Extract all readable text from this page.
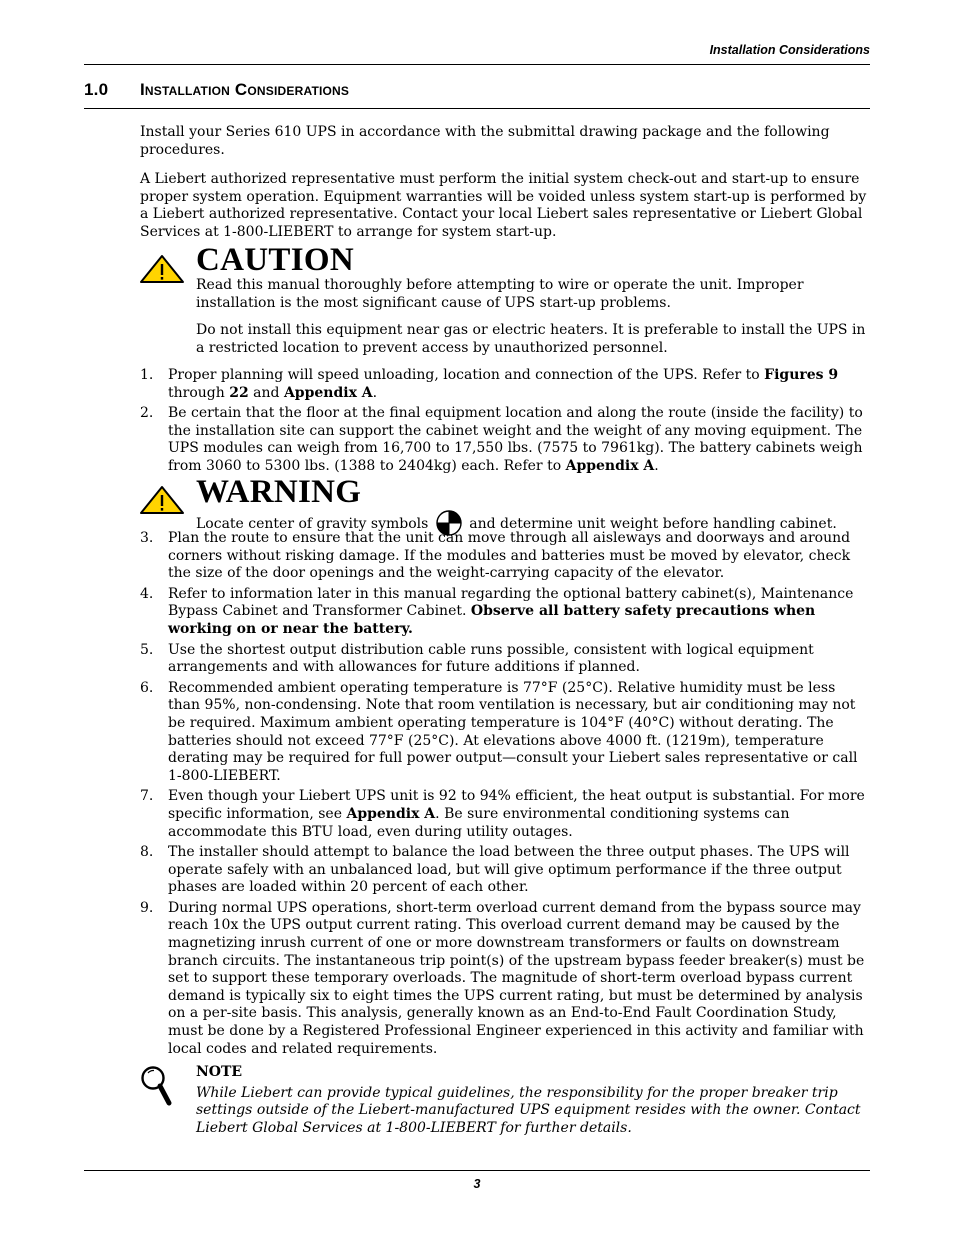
Installation Considerations
1.0 Installation Considerations

Install your Series 610 UPS in accordance with the submittal drawing package and the following procedures.

A Liebert authorized representative must perform the initial system check-out and start-up to ensure proper system operation. Equipment warranties will be voided unless system start-up is performed by a Liebert authorized representative. Contact your local Liebert sales representative or Liebert Global Services at 1-800-LIEBERT to arrange for system start-up.

CAUTION

Read this manual thoroughly before attempting to wire or operate the unit. Improper installation is the most significant cause of UPS start-up problems.

Do not install this equipment near gas or electric heaters. It is preferable to install the UPS in a restricted location to prevent access by unauthorized personnel.

1. Proper planning will speed unloading, location and connection of the UPS. Refer to Figures 9 through 22 and Appendix A.
2. Be certain that the floor at the final equipment location and along the route (inside the facility) to the installation site can support the cabinet weight and the weight of any moving equipment. The UPS modules can weigh from 16,700 to 17,550 lbs. (7575 to 7961kg). The battery cabinets weigh from 3060 to 5300 lbs. (1388 to 2404kg) each. Refer to Appendix A.
WARNING
Locate center of gravity symbols	and determine unit weight before handling cabinet.
3. Plan the route to ensure that the unit can move through all aisleways and doorways and around corners without risking damage. If the modules and batteries must be moved by elevator, check the size of the door openings and the weight-carrying capacity of the elevator.
4. Refer to information later in this manual regarding the optional battery cabinet(s), Maintenance Bypass Cabinet and Transformer Cabinet. Observe all battery safety precautions when working on or near the battery.
5. Use the shortest output distribution cable runs possible, consistent with logical equipment arrangements and with allowances for future additions if planned.
6. Recommended ambient operating temperature is 77°F (25°C). Relative humidity must be less than 95%, non-condensing. Note that room ventilation is necessary, but air conditioning may not be required. Maximum ambient operating temperature is 104°F (40°C) without derating. The batteries should not exceed 77°F (25°C). At elevations above 4000 ft. (1219m), temperature derating may be required for full power output—consult your Liebert sales representative or call 1-800-LIEBERT.
7. Even though your Liebert UPS unit is 92 to 94% efficient, the heat output is substantial. For more specific information, see Appendix A. Be sure environmental conditioning systems can accommodate this BTU load, even during utility outages.
8. The installer should attempt to balance the load between the three output phases. The UPS will operate safely with an unbalanced load, but will give optimum performance if the three output phases are loaded within 20 percent of each other.
9. During normal UPS operations, short-term overload current demand from the bypass source may reach 10x the UPS output current rating. This overload current demand may be caused by the magnetizing inrush current of one or more downstream transformers or faults on downstream branch circuits. The instantaneous trip point(s) of the upstream bypass feeder breaker(s) must be set to support these temporary overloads. The magnitude of short-term overload bypass current demand is typically six to eight times the UPS current rating, but must be determined by analysis on a per-site basis. This analysis, generally known as an End-to-End Fault Coordination Study, must be done by a Registered Professional Engineer experienced in this activity and familiar with local codes and related requirements.

NOTE

While Liebert can provide typical guidelines, the responsibility for the proper breaker trip settings outside of the Liebert-manufactured UPS equipment resides with the owner. Contact Liebert Global Services at 1-800-LIEBERT for further details.

3
